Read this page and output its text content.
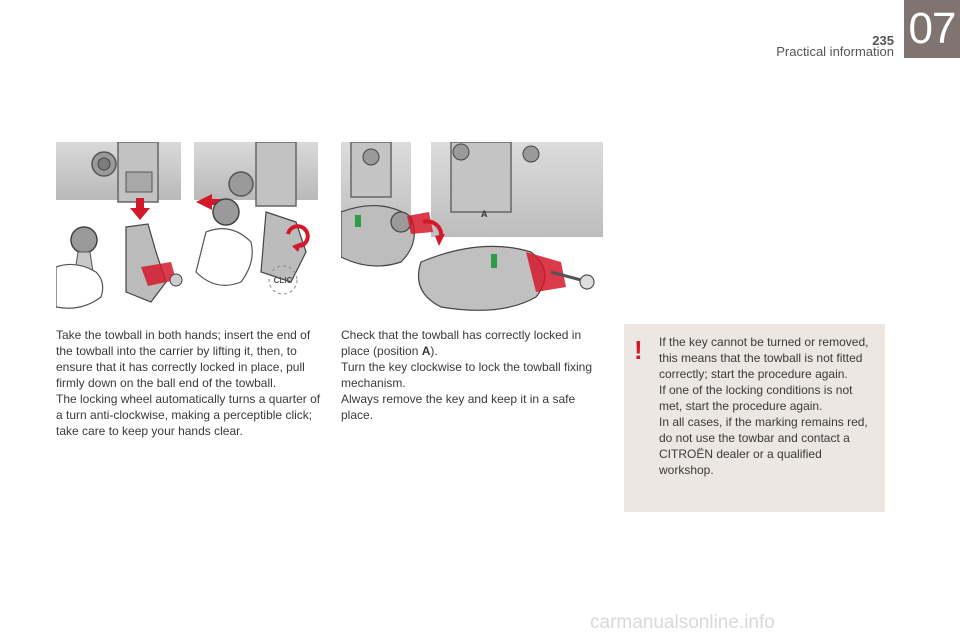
235
Practical information 07
CLIC
A

Take the towball in both hands; insert the end of the towball into the carrier by lifting it, then, to ensure that it has correctly locked in place, pull firmly down on the ball end of the towball.

The locking wheel automatically turns a quarter of a turn anti-clockwise, making a perceptible click; take care to keep your hands clear.

Check that the towball has correctly locked in place (position A).

Turn the key clockwise to lock the towball fixing mechanism.

Always remove the key and keep it in a safe place.

!	If the key cannot be turned or removed, this means that the towball is not fitted correctly; start the procedure again.

If one of the locking conditions is not met, start the procedure again.

In all cases, if the marking remains red, do not use the towbar and contact a CITROËN dealer or a qualified workshop.

carmanualsonline.info
